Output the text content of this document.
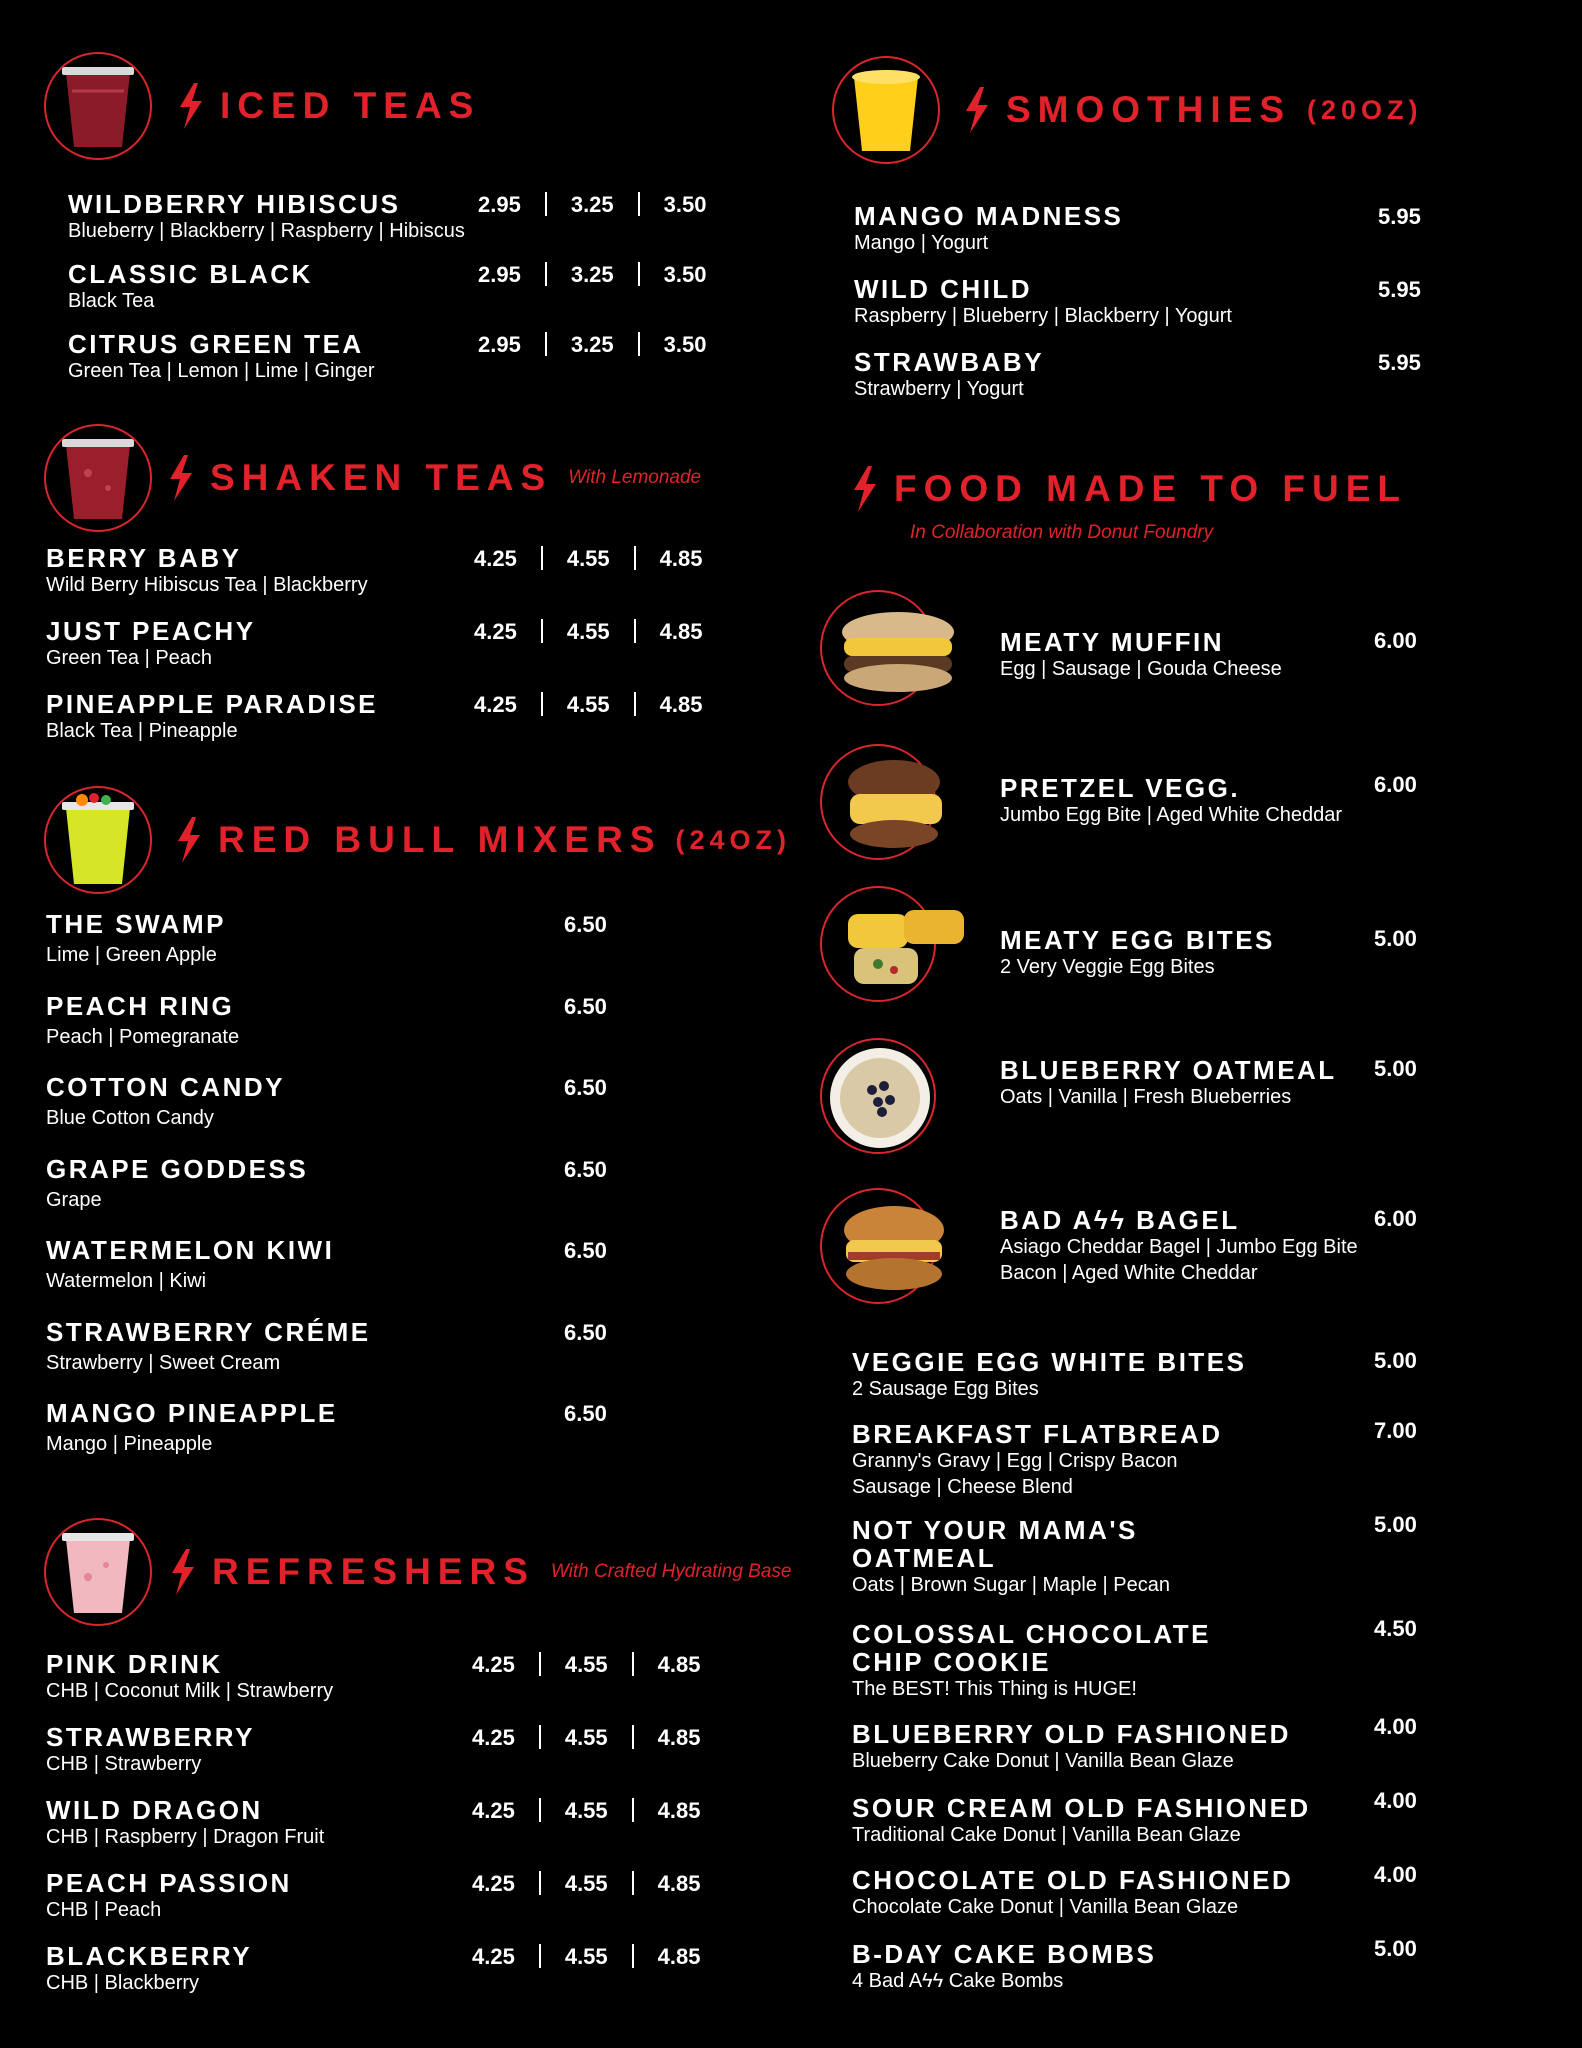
ICED TEAS
WILDBERRY HIBISCUS
Blueberry | Blackberry | Raspberry | Hibiscus
2.95 3.25 3.50
CLASSIC BLACK
Black Tea
2.95 3.25 3.50
CITRUS GREEN TEA
Green Tea | Lemon | Lime | Ginger
2.95 3.25 3.50
SHAKEN TEAS With Lemonade
BERRY BABY
Wild Berry Hibiscus Tea | Blackberry
4.25 4.55 4.85
JUST PEACHY
Green Tea | Peach
4.25 4.55 4.85
PINEAPPLE PARADISE
Black Tea | Pineapple
4.25 4.55 4.85
RED BULL MIXERS (24OZ)
THE SWAMP
Lime | Green Apple
6.50
PEACH RING
Peach | Pomegranate
6.50
COTTON CANDY
Blue Cotton Candy
6.50
GRAPE GODDESS
Grape
6.50
WATERMELON KIWI
Watermelon | Kiwi
6.50
STRAWBERRY CRÉME
Strawberry | Sweet Cream
6.50
MANGO PINEAPPLE
Mango | Pineapple
6.50
REFRESHERS With Crafted Hydrating Base
PINK DRINK
CHB | Coconut Milk | Strawberry
4.25 4.55 4.85
STRAWBERRY
CHB | Strawberry
4.25 4.55 4.85
WILD DRAGON
CHB | Raspberry | Dragon Fruit
4.25 4.55 4.85
PEACH PASSION
CHB | Peach
4.25 4.55 4.85
BLACKBERRY
CHB | Blackberry
4.25 4.55 4.85
SMOOTHIES (20OZ)
MANGO MADNESS
Mango | Yogurt
5.95
WILD CHILD
Raspberry | Blueberry | Blackberry | Yogurt
5.95
STRAWBABY
Strawberry | Yogurt
5.95
FOOD MADE TO FUEL
In Collaboration with Donut Foundry
MEATY MUFFIN
Egg | Sausage | Gouda Cheese
6.00
PRETZEL VEGG.
Jumbo Egg Bite | Aged White Cheddar
6.00
MEATY EGG BITES
2 Very Veggie Egg Bites
5.00
BLUEBERRY OATMEAL
Oats | Vanilla | Fresh Blueberries
5.00
BAD Aϟϟ BAGEL
Asiago Cheddar Bagel | Jumbo Egg Bite
Bacon | Aged White Cheddar
6.00
VEGGIE EGG WHITE BITES
2 Sausage Egg Bites
5.00
BREAKFAST FLATBREAD
Granny's Gravy | Egg | Crispy Bacon
Sausage | Cheese Blend
7.00
NOT YOUR MAMA'S
OATMEAL
Oats | Brown Sugar | Maple | Pecan
5.00
COLOSSAL CHOCOLATE
CHIP COOKIE
The BEST! This Thing is HUGE!
4.50
BLUEBERRY OLD FASHIONED
Blueberry Cake Donut | Vanilla Bean Glaze
4.00
SOUR CREAM OLD FASHIONED
Traditional Cake Donut | Vanilla Bean Glaze
4.00
CHOCOLATE OLD FASHIONED
Chocolate Cake Donut | Vanilla Bean Glaze
4.00
B-DAY CAKE BOMBS
4 Bad Aϟϟ Cake Bombs
5.00
